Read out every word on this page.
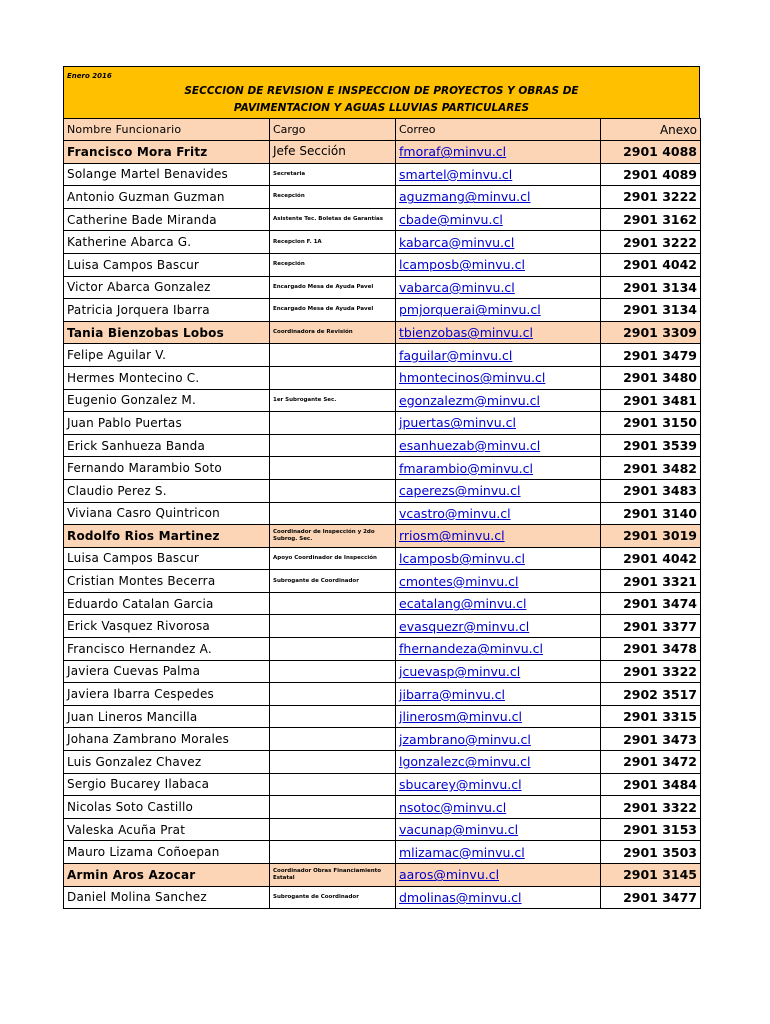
Enero 2016
SECCCION DE REVISION E INSPECCION DE PROYECTOS Y OBRAS DE
PAVIMENTACION Y AGUAS LLUVIAS PARTICULARES
Nombre Funcionario	Cargo	Correo	Anexo
Francisco Mora Fritz	Jefe Sección	fmoraf@minvu.cl	2901 4088
Solange Martel Benavides	Secretaria	smartel@minvu.cl	2901 4089
Antonio Guzman Guzman	Recepción	aguzmang@minvu.cl	2901 3222
Catherine Bade Miranda	Asistente Tec. Boletas de Garantías	cbade@minvu.cl	2901 3162
Katherine Abarca G.	Recepcion F. 1A	kabarca@minvu.cl	2901 3222
Luisa Campos Bascur	Recepción	lcamposb@minvu.cl	2901 4042
Victor Abarca Gonzalez	Encargado Mesa de Ayuda Pavel	vabarca@minvu.cl	2901 3134
Patricia Jorquera Ibarra	Encargado Mesa de Ayuda Pavel	pmjorquerai@minvu.cl	2901 3134
Tania Bienzobas Lobos	Coordinadora de Revisión	tbienzobas@minvu.cl	2901 3309
Felipe Aguilar V.		faguilar@minvu.cl	2901 3479
Hermes Montecino C.		hmontecinos@minvu.cl	2901 3480
Eugenio Gonzalez M.	1er Subrogante Sec.	egonzalezm@minvu.cl	2901 3481
Juan Pablo Puertas		jpuertas@minvu.cl	2901 3150
Erick Sanhueza Banda		esanhuezab@minvu.cl	2901 3539
Fernando Marambio Soto		fmarambio@minvu.cl	2901 3482
Claudio Perez S.		caperezs@minvu.cl	2901 3483
Viviana Casro Quintricon		vcastro@minvu.cl	2901 3140
Rodolfo Rios Martinez	Coordinador de Inspección y 2do Subrog. Sec.	rriosm@minvu.cl	2901 3019
Luisa Campos Bascur	Apoyo Coordinador de Inspección	lcamposb@minvu.cl	2901 4042
Cristian Montes Becerra	Subrogante de Coordinador	cmontes@minvu.cl	2901 3321
Eduardo Catalan Garcia		ecatalang@minvu.cl	2901 3474
Erick Vasquez Rivorosa		evasquezr@minvu.cl	2901 3377
Francisco Hernandez A.		fhernandeza@minvu.cl	2901 3478
Javiera Cuevas Palma		jcuevasp@minvu.cl	2901 3322
Javiera Ibarra Cespedes		jibarra@minvu.cl	2902 3517
Juan Lineros Mancilla		jlinerosm@minvu.cl	2901 3315
Johana Zambrano Morales		jzambrano@minvu.cl	2901 3473
Luis Gonzalez Chavez		lgonzalezc@minvu.cl	2901 3472
Sergio Bucarey Ilabaca		sbucarey@minvu.cl	2901 3484
Nicolas Soto Castillo		nsotoc@minvu.cl	2901 3322
Valeska Acuña Prat		vacunap@minvu.cl	2901 3153
Mauro Lizama Coñoepan		mlizamac@minvu.cl	2901 3503
Armin Aros Azocar	Coordinador Obras Financiamiento Estatal	aaros@minvu.cl	2901 3145
Daniel Molina Sanchez	Subrogante de Coordinador	dmolinas@minvu.cl	2901 3477
